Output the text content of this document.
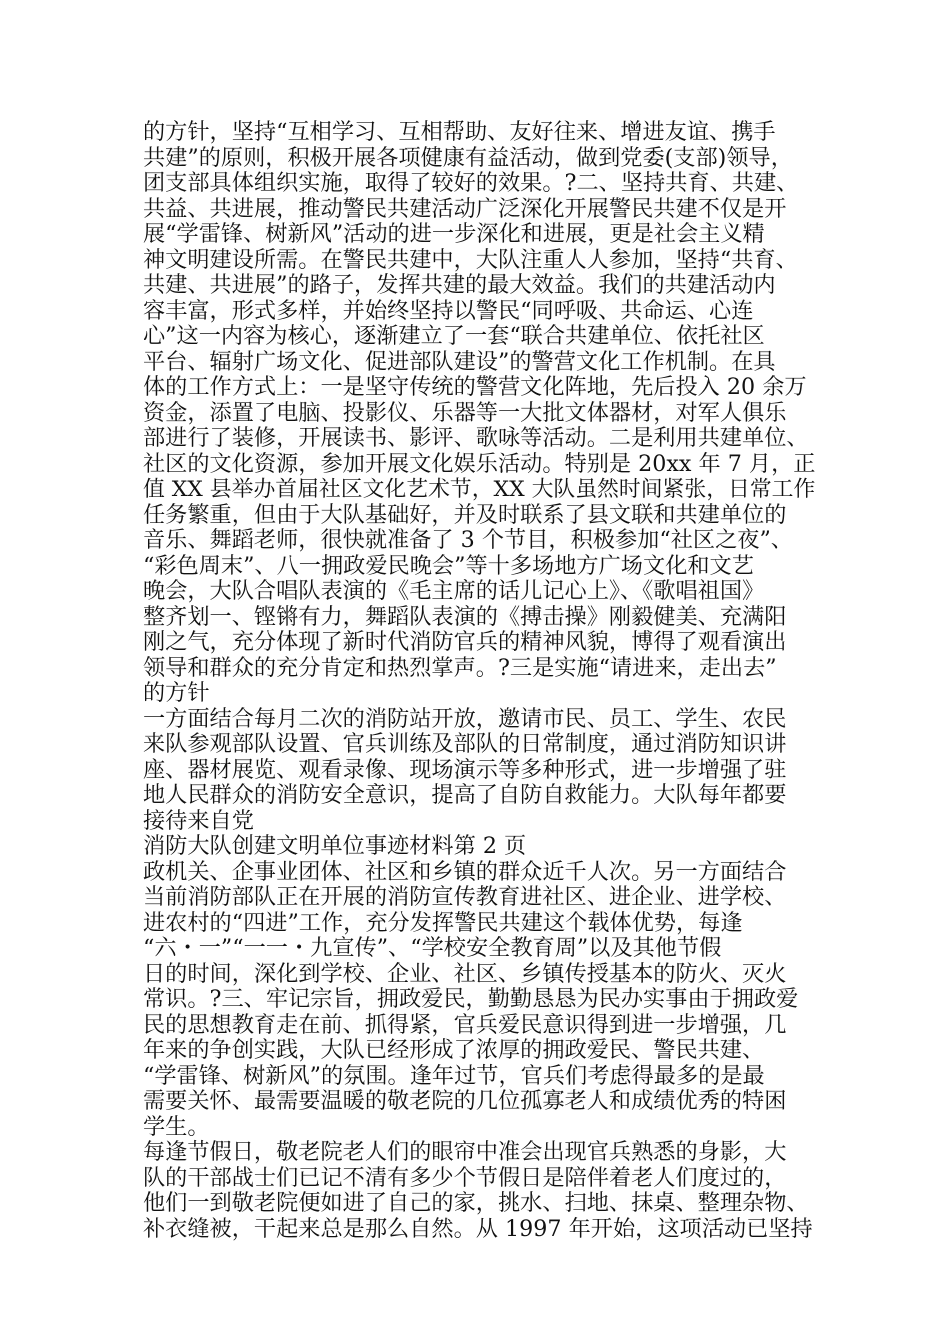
的方针，坚持“互相学习、互相帮助、友好往来、增进友谊、携手
共建”的原则，积极开展各项健康有益活动，做到党委(支部)领导，
团支部具体组织实施，取得了较好的效果。?二、坚持共育、共建、
共益、共进展，推动警民共建活动广泛深化开展警民共建不仅是开
展“学雷锋、树新风”活动的进一步深化和进展，更是社会主义精
神文明建设所需。在警民共建中，大队注重人人参加，坚持“共育、
共建、共进展”的路子，发挥共建的最大效益。我们的共建活动内
容丰富，形式多样，并始终坚持以警民“同呼吸、共命运、心连
心”这一内容为核心，逐渐建立了一套“联合共建单位、依托社区
平台、辐射广场文化、促进部队建设”的警营文化工作机制。在具
体的工作方式上：一是坚守传统的警营文化阵地，先后投入 20 余万
资金，添置了电脑、投影仪、乐器等一大批文体器材，对军人俱乐
部进行了装修，开展读书、影评、歌咏等活动。二是利用共建单位、
社区的文化资源，参加开展文化娱乐活动。特别是 20xx 年 7 月，正
值 XX 县举办首届社区文化艺术节，XX 大队虽然时间紧张，日常工作
任务繁重，但由于大队基础好，并及时联系了县文联和共建单位的
音乐、舞蹈老师，很快就准备了 3 个节目，积极参加“社区之夜”、
“彩色周末”、八一拥政爱民晚会”等十多场地方广场文化和文艺
晚会，大队合唱队表演的《毛主席的话儿记心上》、《歌唱祖国》
整齐划一、铿锵有力，舞蹈队表演的《搏击操》刚毅健美、充满阳
刚之气，充分体现了新时代消防官兵的精神风貌，博得了观看演出
领导和群众的充分肯定和热烈掌声。?三是实施“请进来，走出去”
的方针
一方面结合每月二次的消防站开放，邀请市民、员工、学生、农民
来队参观部队设置、官兵训练及部队的日常制度，通过消防知识讲
座、器材展览、观看录像、现场演示等多种形式，进一步增强了驻
地人民群众的消防安全意识，提高了自防自救能力。大队每年都要
接待来自党
消防大队创建文明单位事迹材料第 2 页
政机关、企事业团体、社区和乡镇的群众近千人次。另一方面结合
当前消防部队正在开展的消防宣传教育进社区、进企业、进学校、
进农村的“四进”工作，充分发挥警民共建这个载体优势，每逢
“六・一”“一一・九宣传”、“学校安全教育周”以及其他节假
日的时间，深化到学校、企业、社区、乡镇传授基本的防火、灭火
常识。?三、牢记宗旨，拥政爱民，勤勤恳恳为民办实事由于拥政爱
民的思想教育走在前、抓得紧，官兵爱民意识得到进一步增强，几
年来的争创实践，大队已经形成了浓厚的拥政爱民、警民共建、
“学雷锋、树新风”的氛围。逢年过节，官兵们考虑得最多的是最
需要关怀、最需要温暖的敬老院的几位孤寡老人和成绩优秀的特困
学生。
每逢节假日，敬老院老人们的眼帘中准会出现官兵熟悉的身影，大
队的干部战士们已记不清有多少个节假日是陪伴着老人们度过的，
他们一到敬老院便如进了自己的家，挑水、扫地、抹桌、整理杂物、
补衣缝被，干起来总是那么自然。从 1997 年开始，这项活动已坚持
